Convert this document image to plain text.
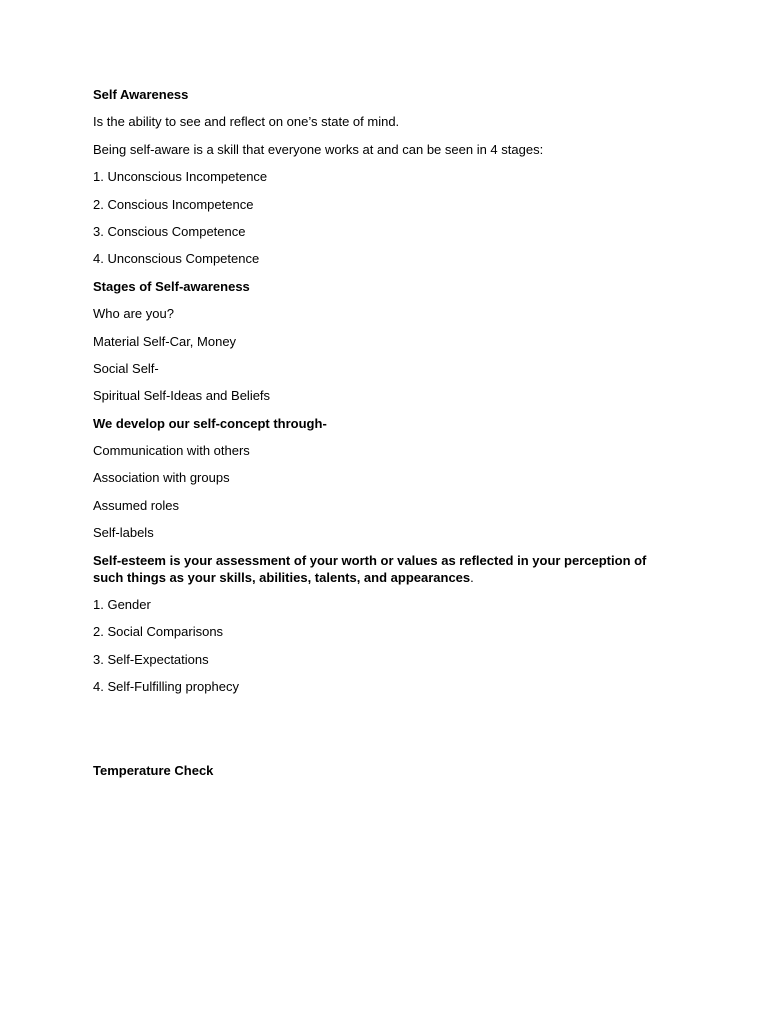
Self Awareness

Is the ability to see and reflect on one’s state of mind.

Being self-aware is a skill that everyone works at and can be seen in 4 stages:

1. Unconscious Incompetence

2. Conscious Incompetence

3. Conscious Competence

4. Unconscious Competence

Stages of Self-awareness

Who are you?

Material Self-Car, Money

Social Self-

Spiritual Self-Ideas and Beliefs

We develop our self-concept through-

Communication with others

Association with groups

Assumed roles

Self-labels

Self-esteem is your assessment of your worth or values as reflected in your perception of such things as your skills, abilities, talents, and appearances.

1. Gender

2. Social Comparisons

3. Self-Expectations

4. Self-Fulfilling prophecy

Temperature Check
